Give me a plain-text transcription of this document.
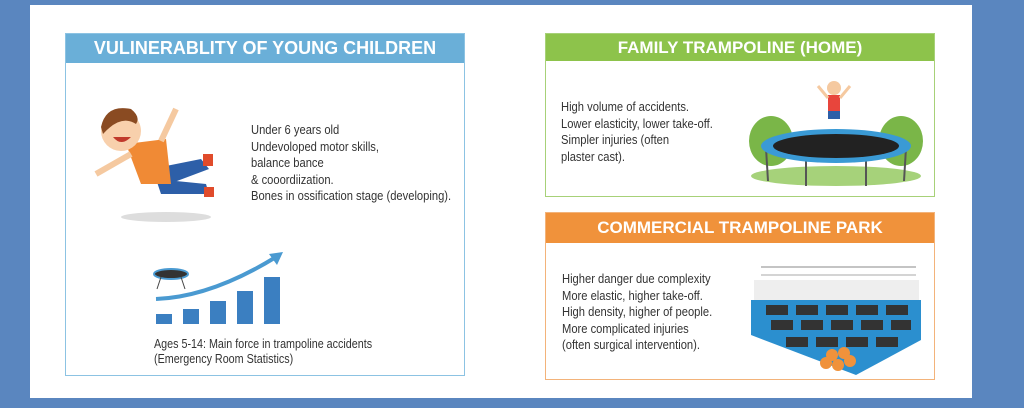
VULINERABLITY OF YOUNG CHILDREN
Under 6 years old
Undevoloped motor skills,
balance bance
& cooordiization.
Bones in ossification stage (developing).
Ages 5-14: Main force in trampoline accidents
(Emergency Room Statistics)
FAMILY TRAMPOLINE (HOME)
High volume of accidents.
Lower elasticity, lower take-off.
Simpler injuries (often
plaster cast).
COMMERCIAL TRAMPOLINE PARK
Higher danger due complexity
More elastic, higher take-off.
High density, higher of people.
More complicated injuries
(often surgical intervention).
